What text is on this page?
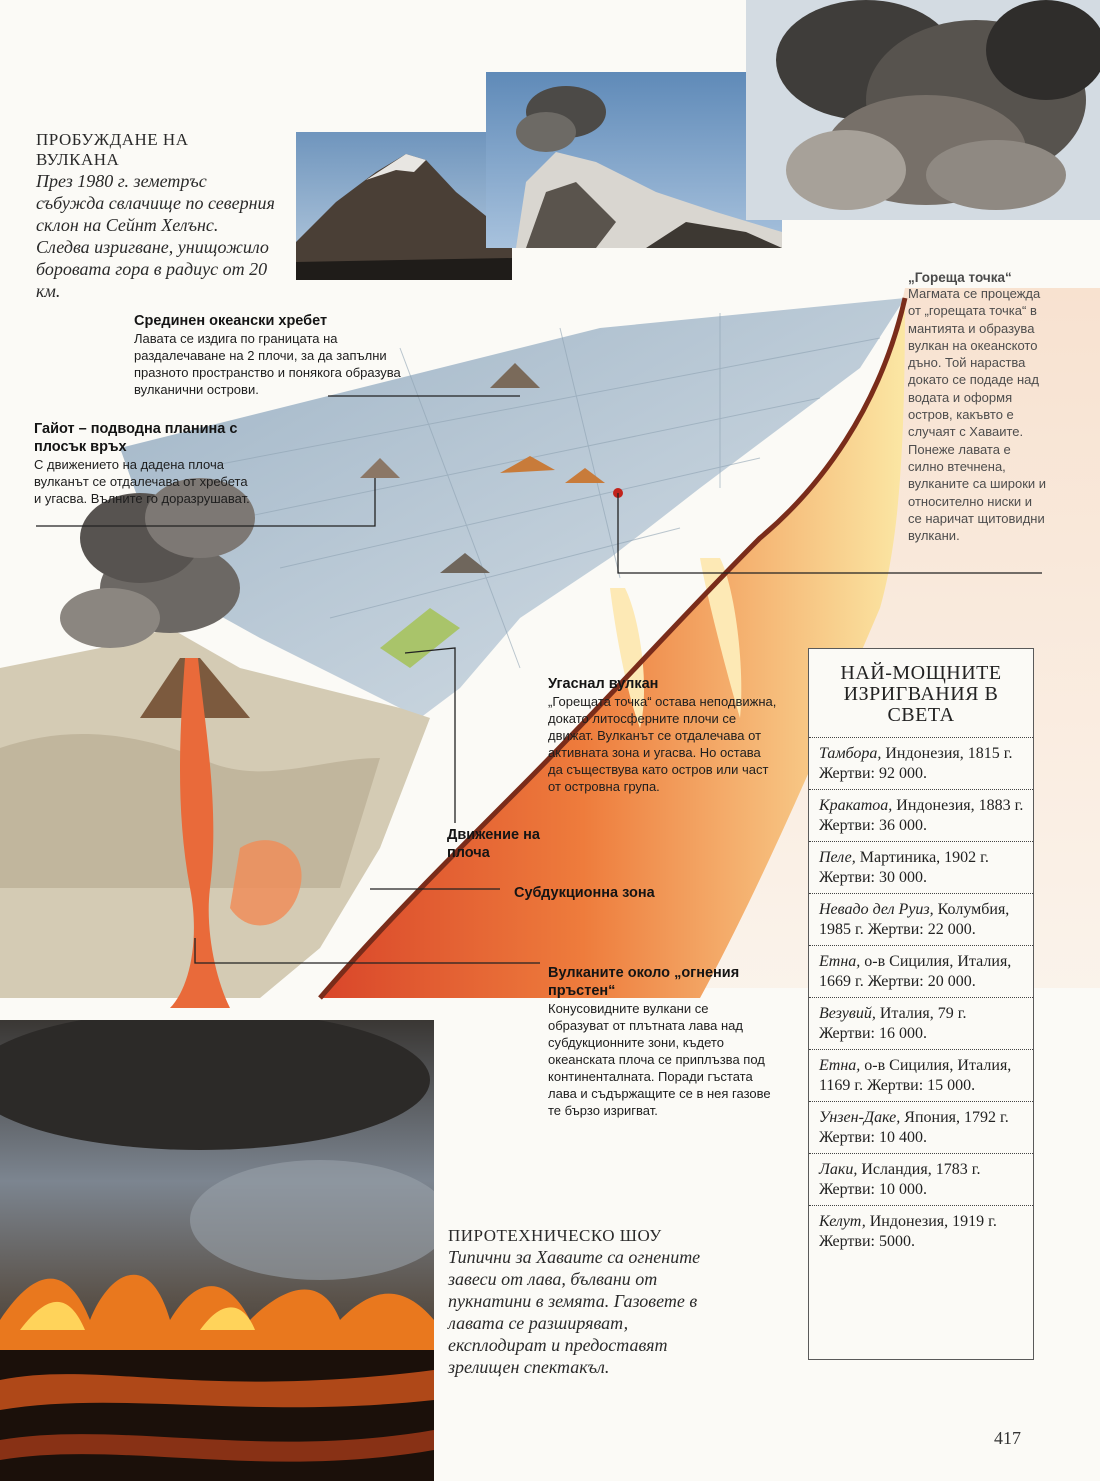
ПРОБУЖДАНЕ НА ВУЛКАНА
През 1980 г. земетръс събужда свлачище по северния склон на Сейнт Хелънс. Следва изригване, унищожило боровата гора в радиус от 20 км.
Срединен океански хребет
Лавата се издига по границата на раздалечаване на 2 плочи, за да запълни празното пространство и понякога образува вулканични острови.
Гайот – подводна планина с плосък връх
С движението на дадена плоча вулканът се отдалечава от хребета и угасва. Вълните го доразрушават.
„Гореща точка“
Магмата се процежда от „горещата точка“ в мантията и образува вулкан на океанското дъно. Той нараства докато се подаде над водата и оформя остров, какъвто е случаят с Хаваите. Понеже лавата е силно втечнена, вулканите са широки и относително ниски и се наричат щитовидни вулкани.
Угаснал вулкан
„Горещата точка“ остава неподвижна, докато литосферните плочи се движат. Вулканът се отдалечава от активната зона и угасва. Но остава да съществува като остров или част от островна група.
Движение на плоча
Субдукционна зона
Вулканите около „огнения пръстен“
Конусовидните вулкани се образуват от плътната лава над субдукционните зони, където океанската плоча се приплъзва под континенталната. Поради гъстата лава и съдържащите се в нея газове те бързо изригват.
ПИРОТЕХНИЧЕСКО ШОУ
Типични за Хаваите са огнените завеси от лава, бълвани от пукнатини в земята. Газовете в лавата се разширяват, експлодират и предоставят зрелищен спектакъл.
НАЙ-МОЩНИТЕ ИЗРИГВАНИЯ В СВЕТА
Тамбора, Индонезия, 1815 г. Жертви: 92 000.
Кракатоа, Индонезия, 1883 г. Жертви: 36 000.
Пеле, Мартиника, 1902 г. Жертви: 30 000.
Невадо дел Руиз, Колумбия, 1985 г. Жертви: 22 000.
Етна, о-в Сицилия, Италия, 1669 г. Жертви: 20 000.
Везувий, Италия, 79 г. Жертви: 16 000.
Етна, о-в Сицилия, Италия, 1169 г. Жертви: 15 000.
Унзен-Даке, Япония, 1792 г. Жертви: 10 400.
Лаки, Исландия, 1783 г. Жертви: 10 000.
Келут, Индонезия, 1919 г. Жертви: 5000.
417
